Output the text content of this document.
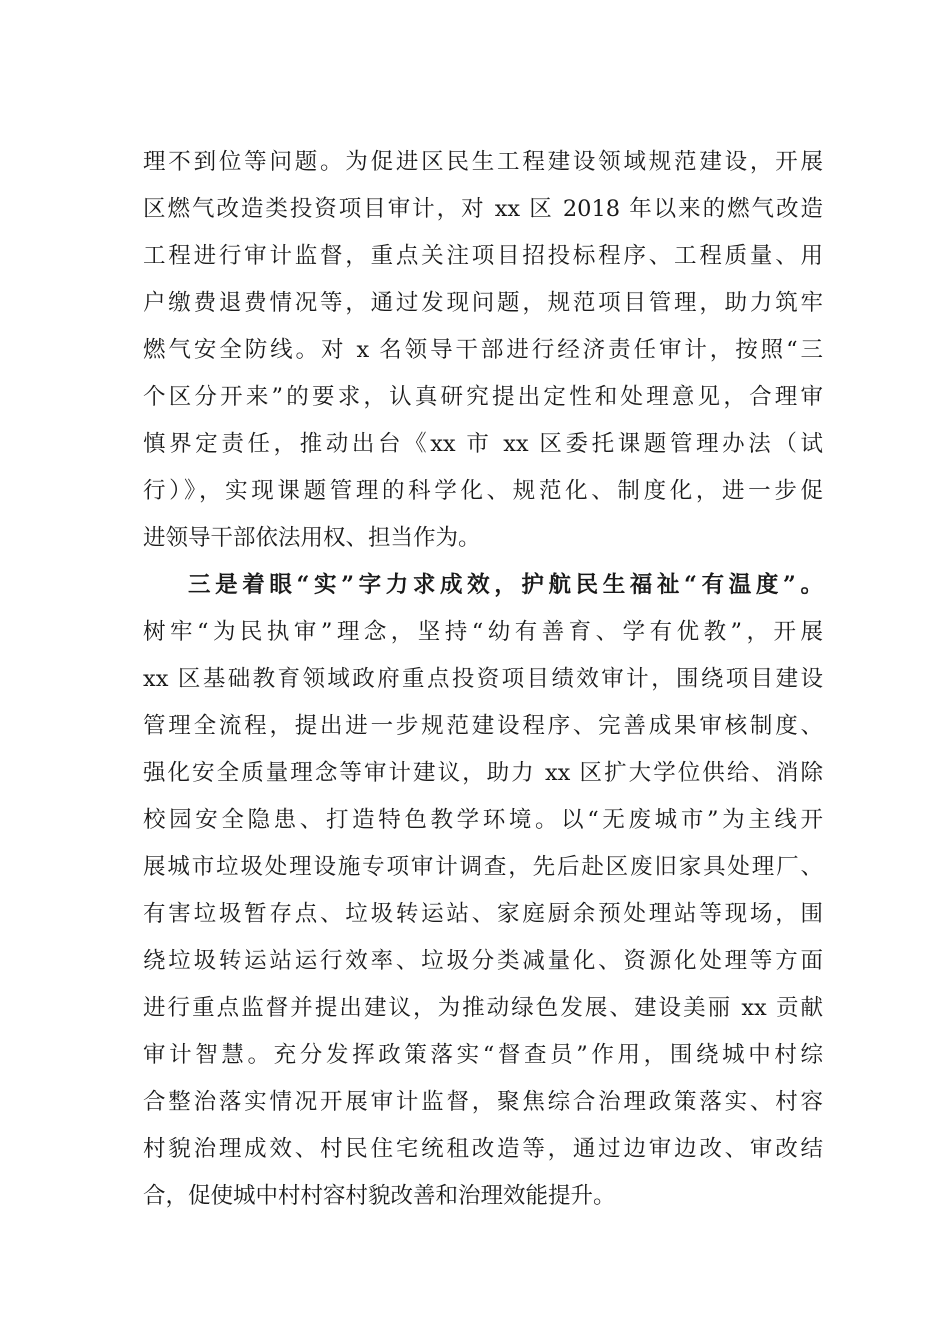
理不到位等问题。为促进区民生工程建设领域规范建设，开展
区燃气改造类投资项目审计，对 xx 区 2018 年以来的燃气改造
工程进行审计监督，重点关注项目招投标程序、工程质量、用
户缴费退费情况等，通过发现问题，规范项目管理，助力筑牢
燃气安全防线。对 x 名领导干部进行经济责任审计，按照“三
个区分开来”的要求，认真研究提出定性和处理意见，合理审
慎界定责任，推动出台《xx 市 xx 区委托课题管理办法（试
行）》，实现课题管理的科学化、规范化、制度化，进一步促
进领导干部依法用权、担当作为。
三是着眼“实”字力求成效，护航民生福祉“有温度”。
树牢“为民执审”理念，坚持“幼有善育、学有优教”，开展
xx 区基础教育领域政府重点投资项目绩效审计，围绕项目建设
管理全流程，提出进一步规范建设程序、完善成果审核制度、
强化安全质量理念等审计建议，助力 xx 区扩大学位供给、消除
校园安全隐患、打造特色教学环境。以“无废城市”为主线开
展城市垃圾处理设施专项审计调查，先后赴区废旧家具处理厂、
有害垃圾暂存点、垃圾转运站、家庭厨余预处理站等现场，围
绕垃圾转运站运行效率、垃圾分类减量化、资源化处理等方面
进行重点监督并提出建议，为推动绿色发展、建设美丽 xx 贡献
审计智慧。充分发挥政策落实“督查员”作用，围绕城中村综
合整治落实情况开展审计监督，聚焦综合治理政策落实、村容
村貌治理成效、村民住宅统租改造等，通过边审边改、审改结
合，促使城中村村容村貌改善和治理效能提升。
